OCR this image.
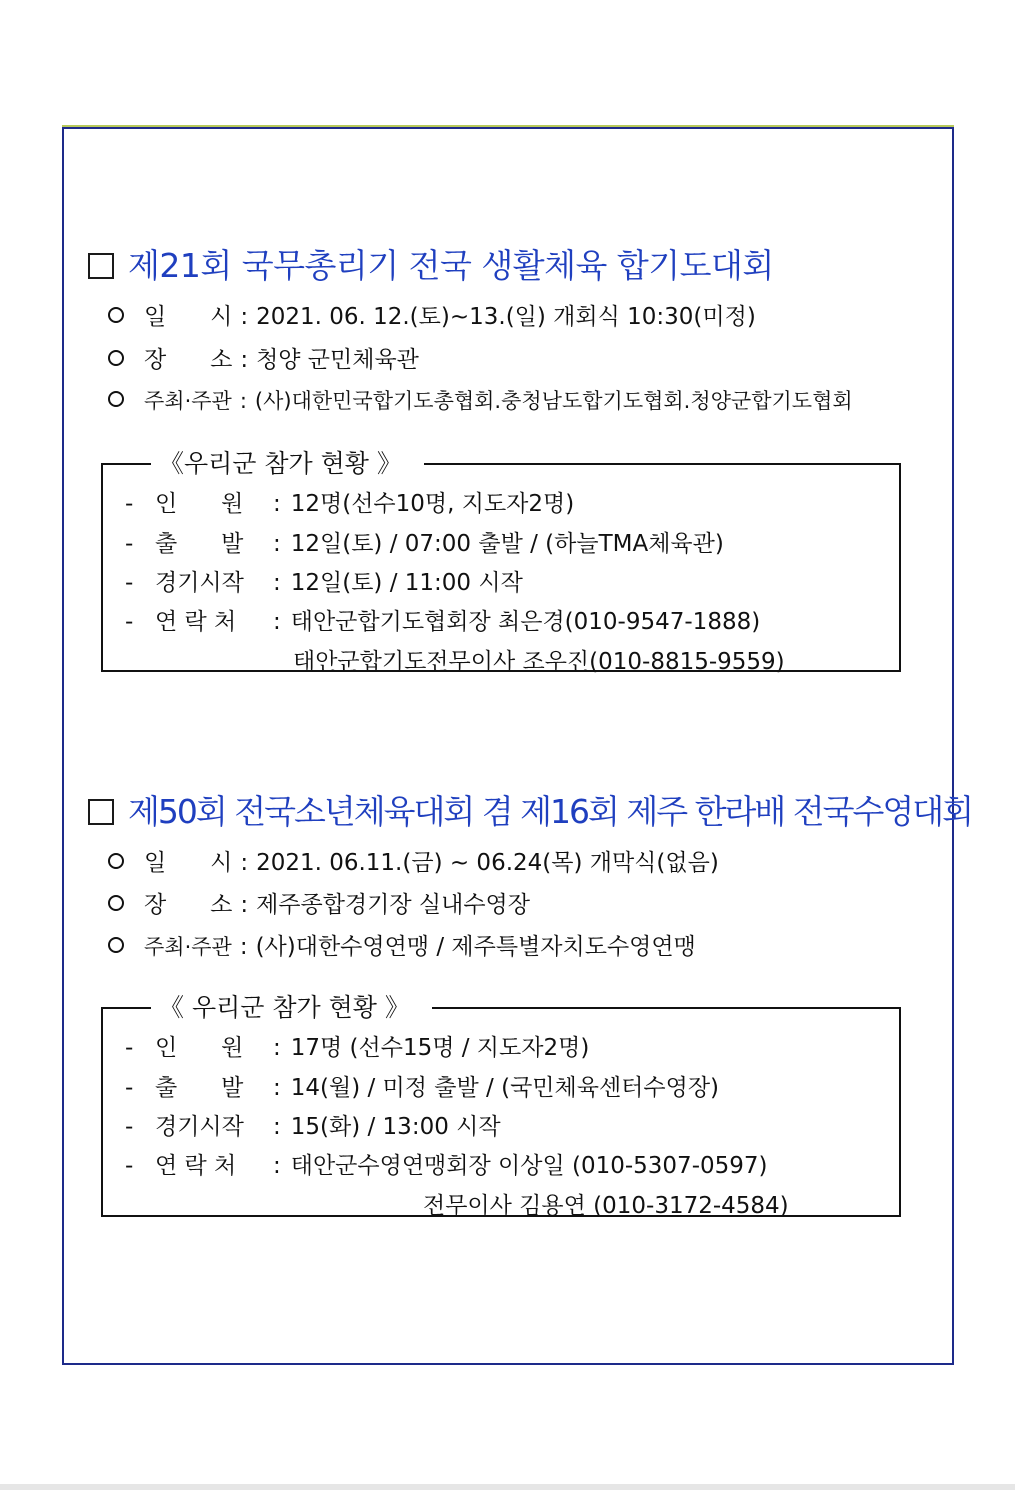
제21회 국무총리기 전국 생활체육 합기도대회
일      시 : 2021. 06. 12.(토)~13.(일) 개회식 10:30(미정)
장      소 : 청양 군민체육관
주최·주관 : (사)대한민국합기도총협회.충청남도합기도협회.청양군합기도협회
《우리군 참가 현황 》
- 인      원 : 12명(선수10명, 지도자2명)
- 출      발 : 12일(토) / 07:00 출발 / (하늘TMA체육관)
- 경기시작 : 12일(토) / 11:00 시작
- 연 락 처 : 태안군합기도협회장 최은경(010-9547-1888)
태안군합기도전무이사 조우진(010-8815-9559)
제50회 전국소년체육대회 겸 제16회 제주 한라배 전국수영대회
일      시 : 2021. 06.11.(금) ~ 06.24(목) 개막식(없음)
장      소 : 제주종합경기장 실내수영장
주최·주관 : (사)대한수영연맹 / 제주특별자치도수영연맹
《 우리군 참가 현황 》
- 인      원 : 17명 (선수15명 / 지도자2명)
- 출      발 : 14(월) / 미정 출발 / (국민체육센터수영장)
- 경기시작 : 15(화) / 13:00 시작
- 연 락 처 : 태안군수영연맹회장 이상일 (010-5307-0597)
전무이사 김용연 (010-3172-4584)
